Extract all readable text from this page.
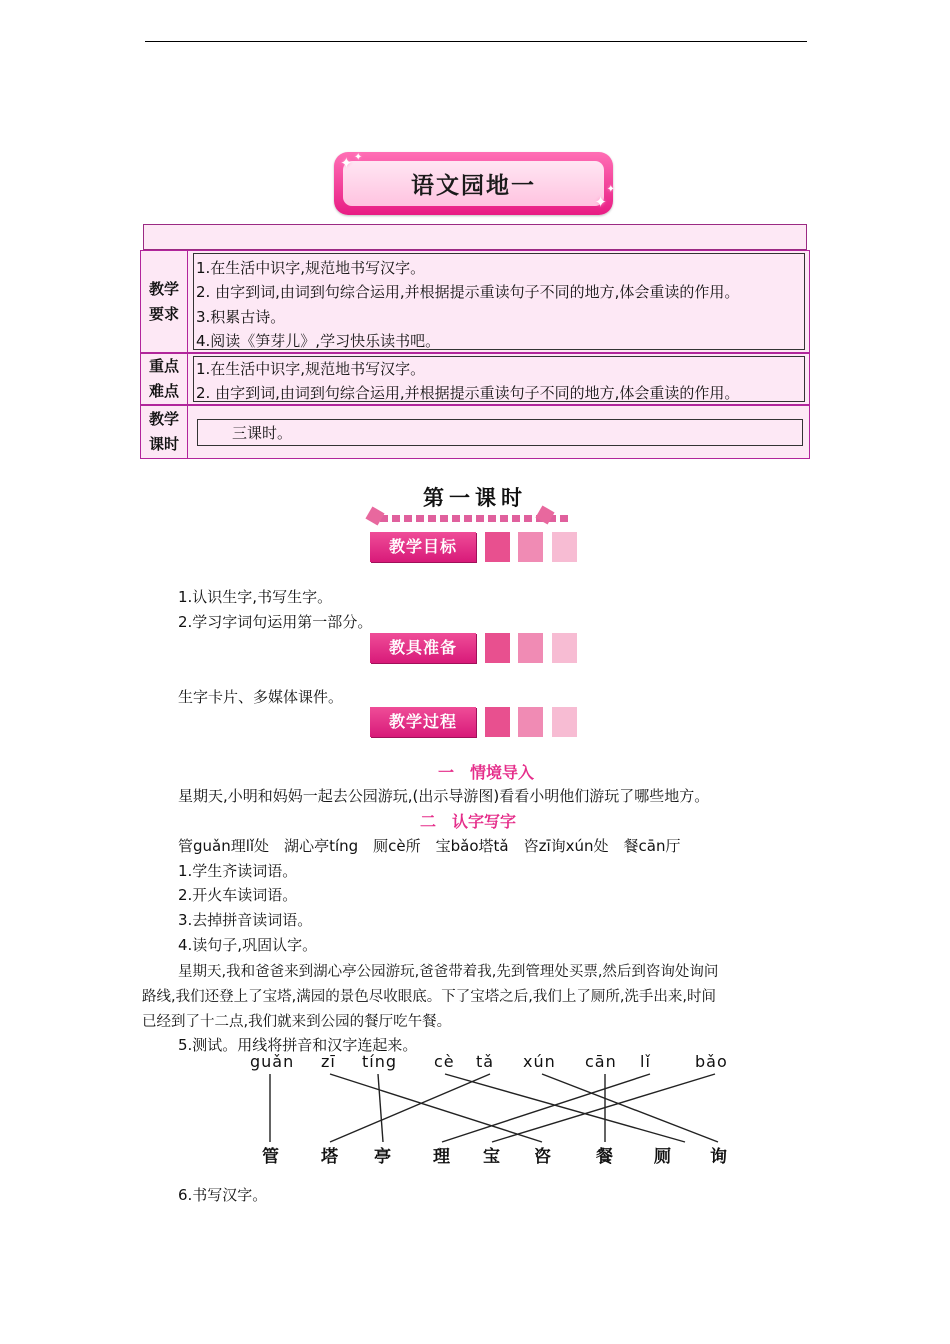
语文园地一
✦ ✦
✦
✦
教学要求
1.在生活中识字,规范地书写汉字。
2. 由字到词,由词到句综合运用,并根据提示重读句子不同的地方,体会重读的作用。
3.积累古诗。
4.阅读《笋芽儿》,学习快乐读书吧。
重点难点
1.在生活中识字,规范地书写汉字。
2. 由字到词,由词到句综合运用,并根据提示重读句子不同的地方,体会重读的作用。
教学课时
三课时。
第一课时
教学目标
1.认识生字,书写生字。
2.学习字词句运用第一部分。
教具准备
生字卡片、多媒体课件。
教学过程
一　情境导入
星期天,小明和妈妈一起去公园游玩,(出示导游图)看看小明他们游玩了哪些地方。
二　认字写字
管guǎn理lǐ处　湖心亭tíng　厕cè所　宝bǎo塔tǎ　咨zī询xún处　餐cān厅
1.学生齐读词语。
2.开火车读词语。
3.去掉拼音读词语。
4.读句子,巩固认字。
星期天,我和爸爸来到湖心亭公园游玩,爸爸带着我,先到管理处买票,然后到咨询处询问
路线,我们还登上了宝塔,满园的景色尽收眼底。下了宝塔之后,我们上了厕所,洗手出来,时间
已经到了十二点,我们就来到公园的餐厅吃午餐。
5.测试。用线将拼音和汉字连起来。
guǎn zī tíng cè tǎ xún cān lǐ	bǎo
管 塔 亭 理 宝 咨	餐 厕 询
6.书写汉字。
